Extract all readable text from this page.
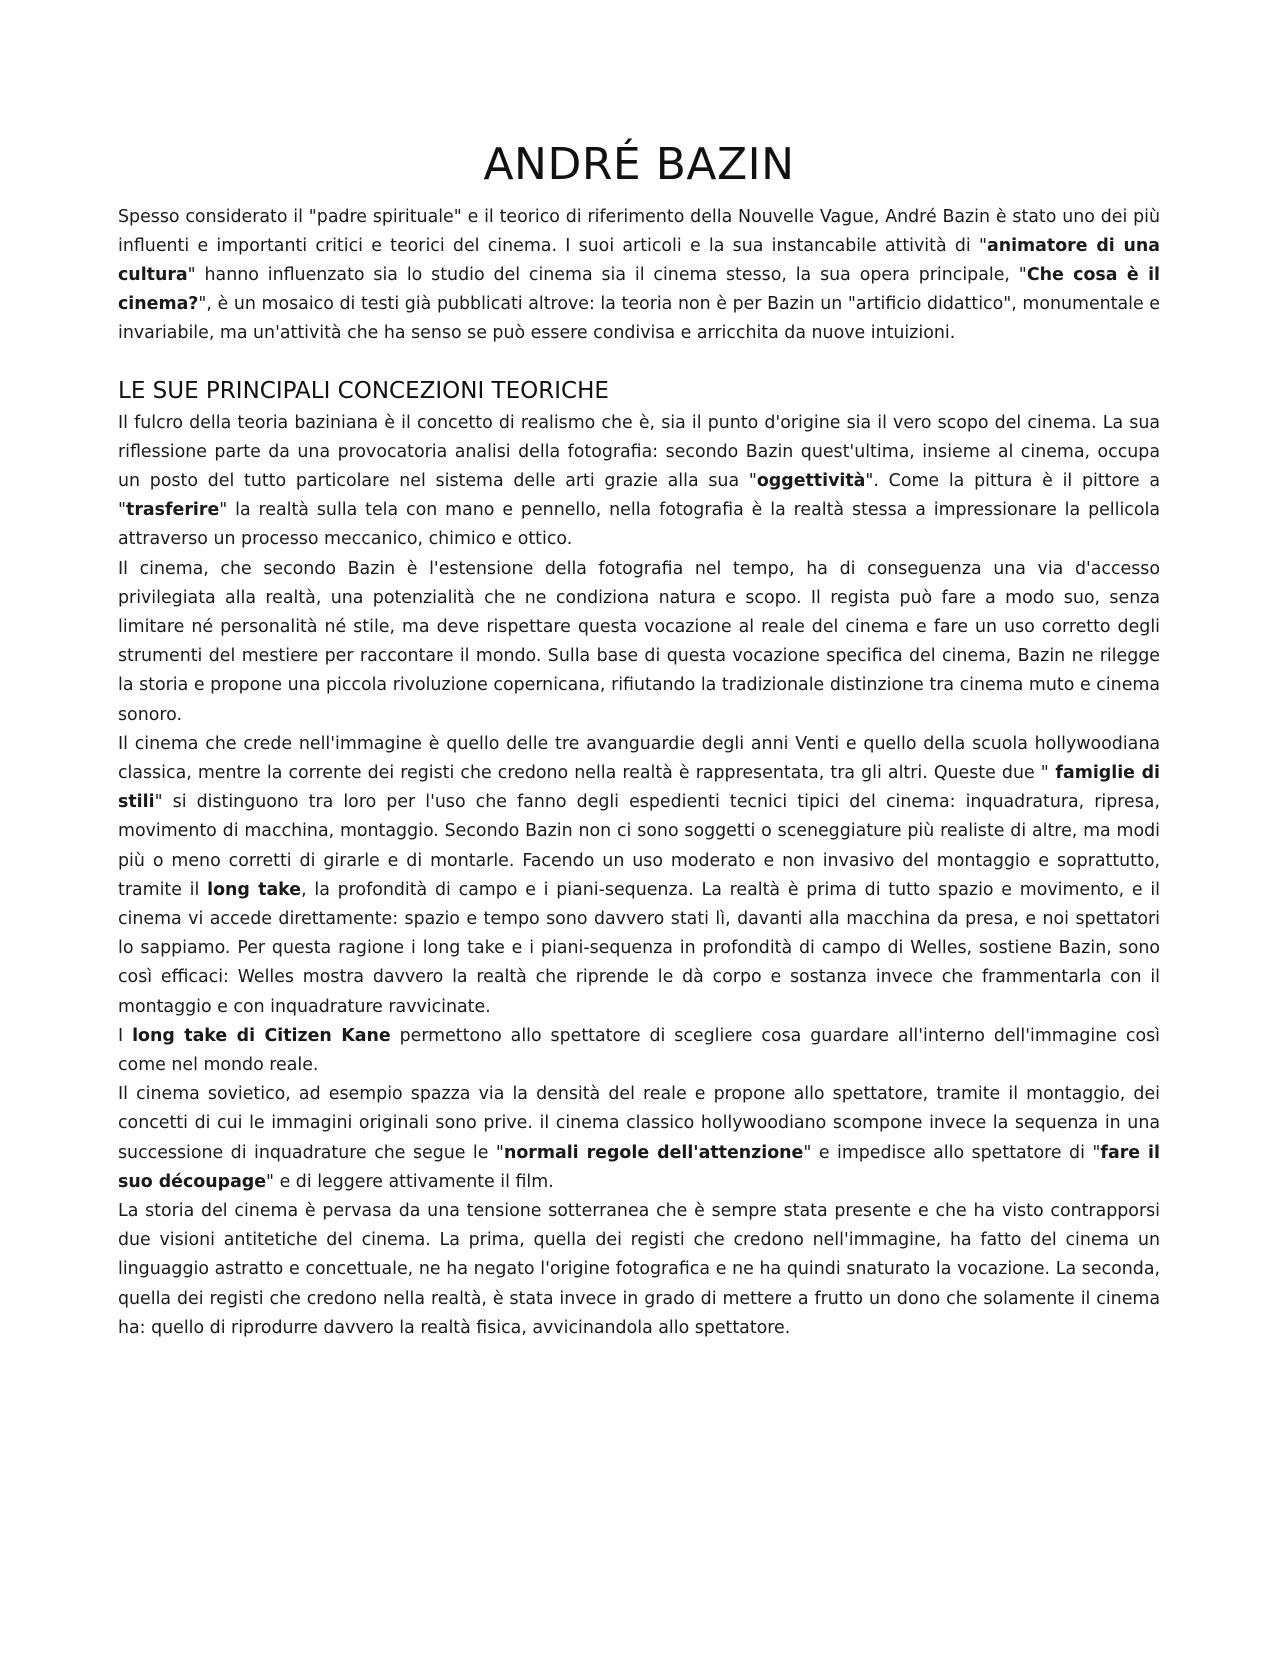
ANDRÉ BAZIN

Spesso considerato il "padre spirituale" e il teorico di riferimento della Nouvelle Vague, André Bazin è stato uno dei più influenti e importanti critici e teorici del cinema. I suoi articoli e la sua instancabile attività di "animatore di una cultura" hanno influenzato sia lo studio del cinema sia il cinema stesso, la sua opera principale, "Che cosa è il cinema?", è un mosaico di testi già pubblicati altrove: la teoria non è per Bazin un "artificio didattico", monumentale e invariabile, ma un'attività che ha senso se può essere condivisa e arricchita da nuove intuizioni.

LE SUE PRINCIPALI CONCEZIONI TEORICHE

Il fulcro della teoria baziniana è il concetto di realismo che è, sia il punto d'origine sia il vero scopo del cinema. La sua riflessione parte da una provocatoria analisi della fotografia: secondo Bazin quest'ultima, insieme al cinema, occupa un posto del tutto particolare nel sistema delle arti grazie alla sua "oggettività". Come la pittura è il pittore a "trasferire" la realtà sulla tela con mano e pennello, nella fotografia è la realtà stessa a impressionare la pellicola attraverso un processo meccanico, chimico e ottico.

Il cinema, che secondo Bazin è l'estensione della fotografia nel tempo, ha di conseguenza una via d'accesso privilegiata alla realtà, una potenzialità che ne condiziona natura e scopo. Il regista può fare a modo suo, senza limitare né personalità né stile, ma deve rispettare questa vocazione al reale del cinema e fare un uso corretto degli strumenti del mestiere per raccontare il mondo. Sulla base di questa vocazione specifica del cinema, Bazin ne rilegge la storia e propone una piccola rivoluzione copernicana, rifiutando la tradizionale distinzione tra cinema muto e cinema sonoro.

Il cinema che crede nell'immagine è quello delle tre avanguardie degli anni Venti e quello della scuola hollywoodiana classica, mentre la corrente dei registi che credono nella realtà è rappresentata, tra gli altri. Queste due " famiglie di stili" si distinguono tra loro per l'uso che fanno degli espedienti tecnici tipici del cinema: inquadratura, ripresa, movimento di macchina, montaggio. Secondo Bazin non ci sono soggetti o sceneggiature più realiste di altre, ma modi più o meno corretti di girarle e di montarle. Facendo un uso moderato e non invasivo del montaggio e soprattutto, tramite il long take, la profondità di campo e i piani-sequenza. La realtà è prima di tutto spazio e movimento, e il cinema vi accede direttamente: spazio e tempo sono davvero stati lì, davanti alla macchina da presa, e noi spettatori lo sappiamo. Per questa ragione i long take e i piani-sequenza in profondità di campo di Welles, sostiene Bazin, sono così efficaci: Welles mostra davvero la realtà che riprende le dà corpo e sostanza invece che frammentarla con il montaggio e con inquadrature ravvicinate.

I long take di Citizen Kane permettono allo spettatore di scegliere cosa guardare all'interno dell'immagine così come nel mondo reale.

Il cinema sovietico, ad esempio spazza via la densità del reale e propone allo spettatore, tramite il montaggio, dei concetti di cui le immagini originali sono prive. il cinema classico hollywoodiano scompone invece la sequenza in una successione di inquadrature che segue le "normali regole dell'attenzione" e impedisce allo spettatore di "fare il suo découpage" e di leggere attivamente il film.

La storia del cinema è pervasa da una tensione sotterranea che è sempre stata presente e che ha visto contrapporsi due visioni antitetiche del cinema. La prima, quella dei registi che credono nell'immagine, ha fatto del cinema un linguaggio astratto e concettuale, ne ha negato l'origine fotografica e ne ha quindi snaturato la vocazione. La seconda, quella dei registi che credono nella realtà, è stata invece in grado di mettere a frutto un dono che solamente il cinema ha: quello di riprodurre davvero la realtà fisica, avvicinandola allo spettatore.
